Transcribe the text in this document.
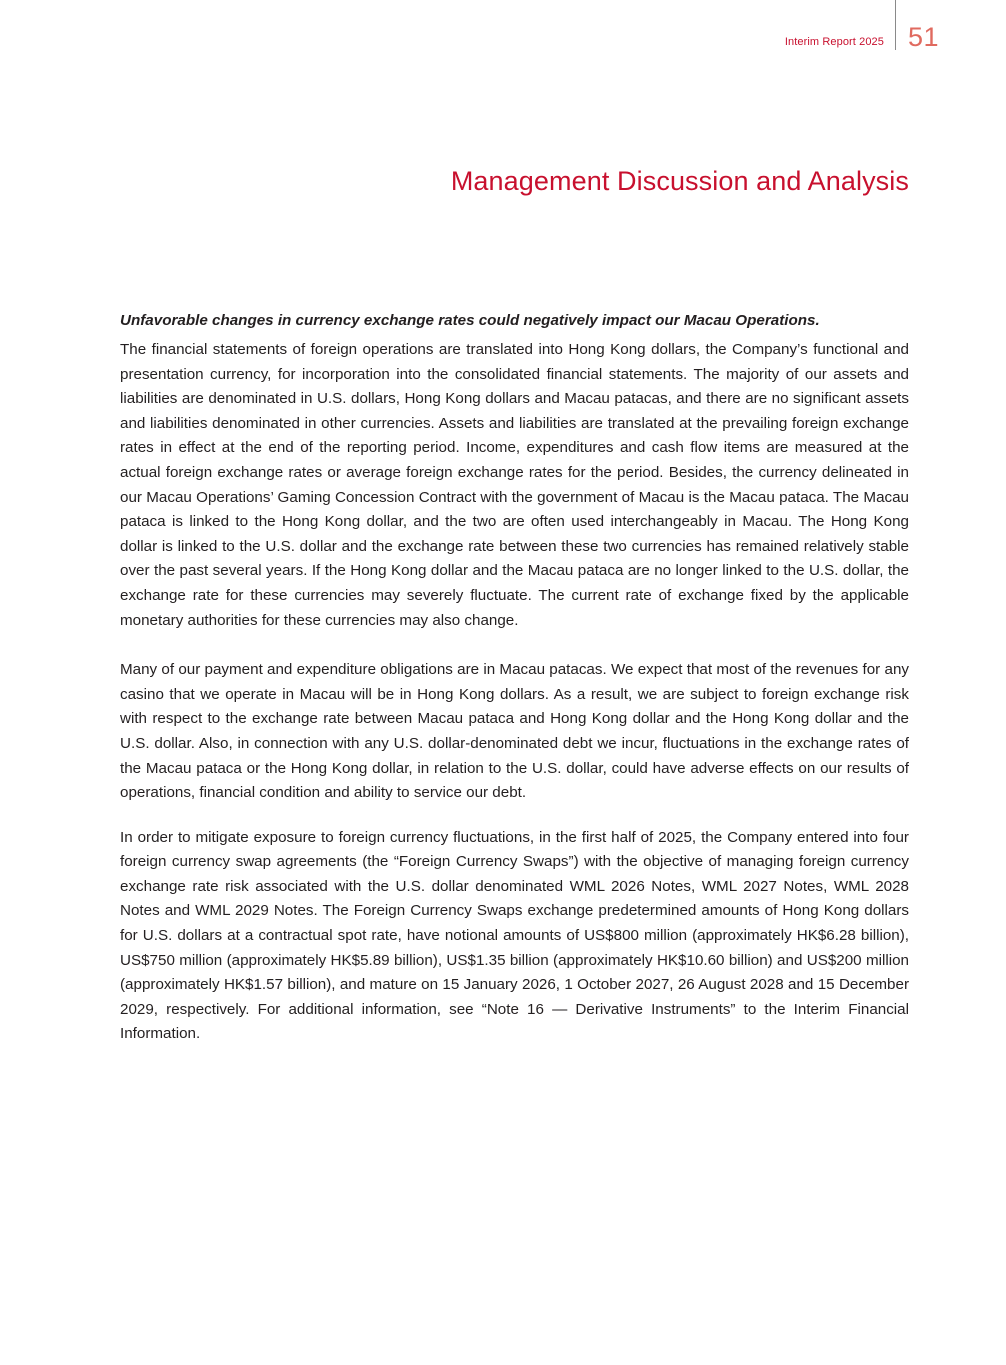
Interim Report 2025 51
Management Discussion and Analysis

Unfavorable changes in currency exchange rates could negatively impact our Macau Operations.

The financial statements of foreign operations are translated into Hong Kong dollars, the Company’s functional and presentation currency, for incorporation into the consolidated financial statements. The majority of our assets and liabilities are denominated in U.S. dollars, Hong Kong dollars and Macau patacas, and there are no significant assets and liabilities denominated in other currencies. Assets and liabilities are translated at the prevailing foreign exchange rates in effect at the end of the reporting period. Income, expenditures and cash flow items are measured at the actual foreign exchange rates or average foreign exchange rates for the period. Besides, the currency delineated in our Macau Operations’ Gaming Concession Contract with the government of Macau is the Macau pataca. The Macau pataca is linked to the Hong Kong dollar, and the two are often used interchangeably in Macau. The Hong Kong dollar is linked to the U.S. dollar and the exchange rate between these two currencies has remained relatively stable over the past several years. If the Hong Kong dollar and the Macau pataca are no longer linked to the U.S. dollar, the exchange rate for these currencies may severely fluctuate. The current rate of exchange fixed by the applicable monetary authorities for these currencies may also change.

Many of our payment and expenditure obligations are in Macau patacas. We expect that most of the revenues for any casino that we operate in Macau will be in Hong Kong dollars. As a result, we are subject to foreign exchange risk with respect to the exchange rate between Macau pataca and Hong Kong dollar and the Hong Kong dollar and the U.S. dollar. Also, in connection with any U.S. dollar-denominated debt we incur, fluctuations in the exchange rates of the Macau pataca or the Hong Kong dollar, in relation to the U.S. dollar, could have adverse effects on our results of operations, financial condition and ability to service our debt.

In order to mitigate exposure to foreign currency fluctuations, in the first half of 2025, the Company entered into four foreign currency swap agreements (the “Foreign Currency Swaps”) with the objective of managing foreign currency exchange rate risk associated with the U.S. dollar denominated WML 2026 Notes, WML 2027 Notes, WML 2028 Notes and WML 2029 Notes. The Foreign Currency Swaps exchange predetermined amounts of Hong Kong dollars for U.S. dollars at a contractual spot rate, have notional amounts of US$800 million (approximately HK$6.28 billion), US$750 million (approximately HK$5.89 billion), US$1.35 billion (approximately HK$10.60 billion) and US$200 million (approximately HK$1.57 billion), and mature on 15 January 2026, 1 October 2027, 26 August 2028 and 15 December 2029, respectively. For additional information, see “Note 16 — Derivative Instruments” to the Interim Financial Information.
